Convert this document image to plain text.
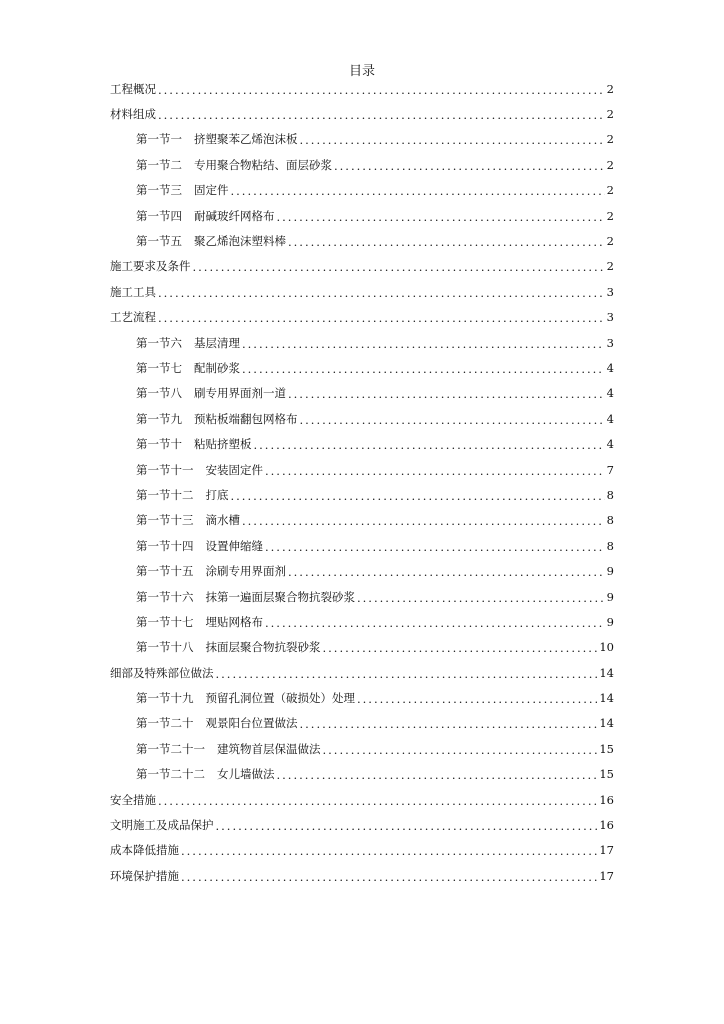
目录
工程概况 .....	2
材料组成 .....	2
第一节一 挤塑聚苯乙烯泡沫板 .....	2
第一节二 专用聚合物粘结、面层砂浆 .....	2
第一节三 固定件 .....	2
第一节四 耐碱玻纤网格布 .....	2
第一节五 聚乙烯泡沫塑料棒 .....	2
施工要求及条件 .....	2
施工工具 .....	3
工艺流程 .....	3
第一节六 基层清理 .....	3
第一节七 配制砂浆 .....	4
第一节八 刷专用界面剂一道 .....	4
第一节九 预粘板端翻包网格布 .....	4
第一节十 粘贴挤塑板 .....	4
第一节十一 安装固定件 .....	7
第一节十二 打底 .....	8
第一节十三 滴水槽 .....	8
第一节十四 设置伸缩缝 .....	8
第一节十五 涂刷专用界面剂 .....	9
第一节十六 抹第一遍面层聚合物抗裂砂浆 .....	9
第一节十七 埋贴网格布 .....	9
第一节十八 抹面层聚合物抗裂砂浆 .....	10
细部及特殊部位做法 .....	14
第一节十九 预留孔洞位置（破损处）处理 .....	14
第一节二十 观景阳台位置做法 .....	14
第一节二十一 建筑物首层保温做法 .....	15
第一节二十二 女儿墙做法 .....	15
安全措施 .....	16
文明施工及成品保护 .....	16
成本降低措施 .....	17
环境保护措施 .....	17
